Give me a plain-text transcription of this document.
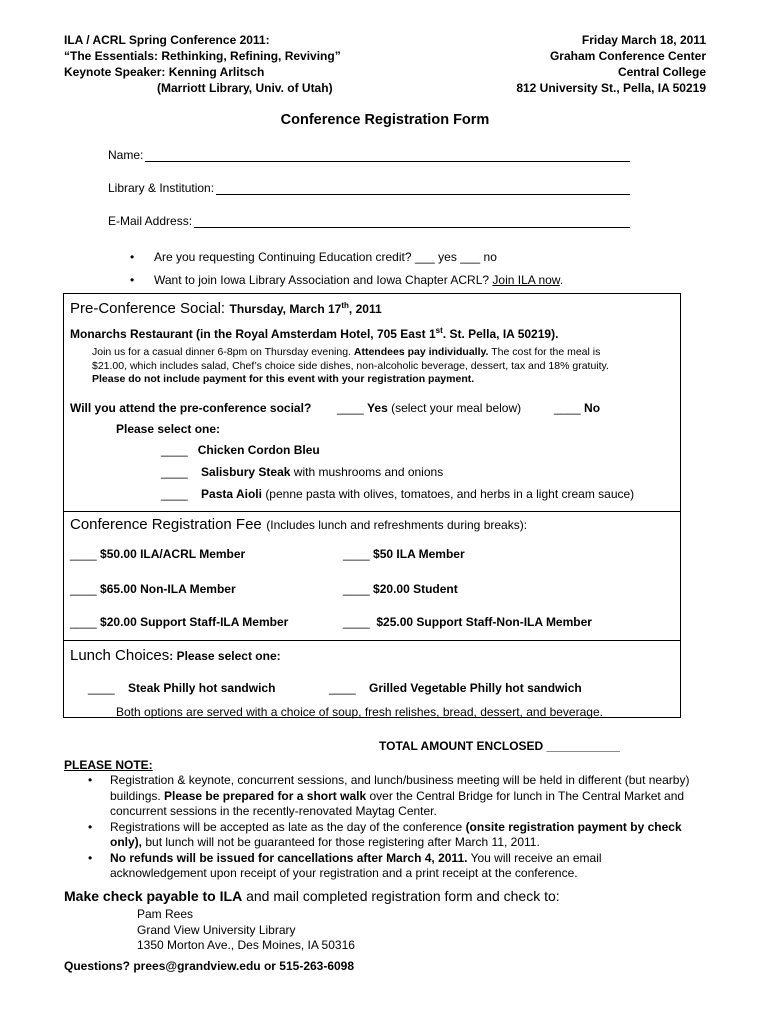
ILA / ACRL Spring Conference 2011:
“The Essentials: Rethinking, Refining, Reviving”
Keynote Speaker: Kenning Arlitsch
(Marriott Library, Univ. of Utah)
Friday March 18, 2011
Graham Conference Center
Central College
812 University St., Pella, IA 50219
Conference Registration Form
Name:
Library & Institution:
E-Mail Address:
• Are you requesting Continuing Education credit? ___ yes ___ no
• Want to join Iowa Library Association and Iowa Chapter ACRL? Join ILA now.
Pre-Conference Social: Thursday, March 17th, 2011
Monarchs Restaurant (in the Royal Amsterdam Hotel, 705 East 1st. St. Pella, IA 50219).
Join us for a casual dinner 6-8pm on Thursday evening. Attendees pay individually. The cost for the meal is
$21.00, which includes salad, Chef’s choice side dishes, non-alcoholic beverage, dessert, tax and 18% gratuity.
Please do not include payment for this event with your registration payment.
Will you attend the pre-conference social? ____ Yes (select your meal below)	____ No
Please select one:
____ Chicken Cordon Bleu
____ Salisbury Steak with mushrooms and onions
____ Pasta Aioli (penne pasta with olives, tomatoes, and herbs in a light cream sauce)
Conference Registration Fee (Includes lunch and refreshments during breaks):
____ $50.00 ILA/ACRL Member	____ $50 ILA Member
____ $65.00 Non-ILA Member	____ $20.00 Student
____ $20.00 Support Staff-ILA Member	____ $25.00 Support Staff-Non-ILA Member
Lunch Choices: Please select one:
____ Steak Philly hot sandwich	____ Grilled Vegetable Philly hot sandwich
Both options are served with a choice of soup, fresh relishes, bread, dessert, and beverage.
TOTAL AMOUNT ENCLOSED ___________
PLEASE NOTE:
• Registration & keynote, concurrent sessions, and lunch/business meeting will be held in different (but nearby) buildings. Please be prepared for a short walk over the Central Bridge for lunch in The Central Market and concurrent sessions in the recently-renovated Maytag Center.
• Registrations will be accepted as late as the day of the conference (onsite registration payment by check only), but lunch will not be guaranteed for those registering after March 11, 2011.
• No refunds will be issued for cancellations after March 4, 2011. You will receive an email acknowledgement upon receipt of your registration and a print receipt at the conference.
Make check payable to ILA and mail completed registration form and check to:
Pam Rees
Grand View University Library
1350 Morton Ave., Des Moines, IA 50316
Questions? prees@grandview.edu or 515-263-6098
